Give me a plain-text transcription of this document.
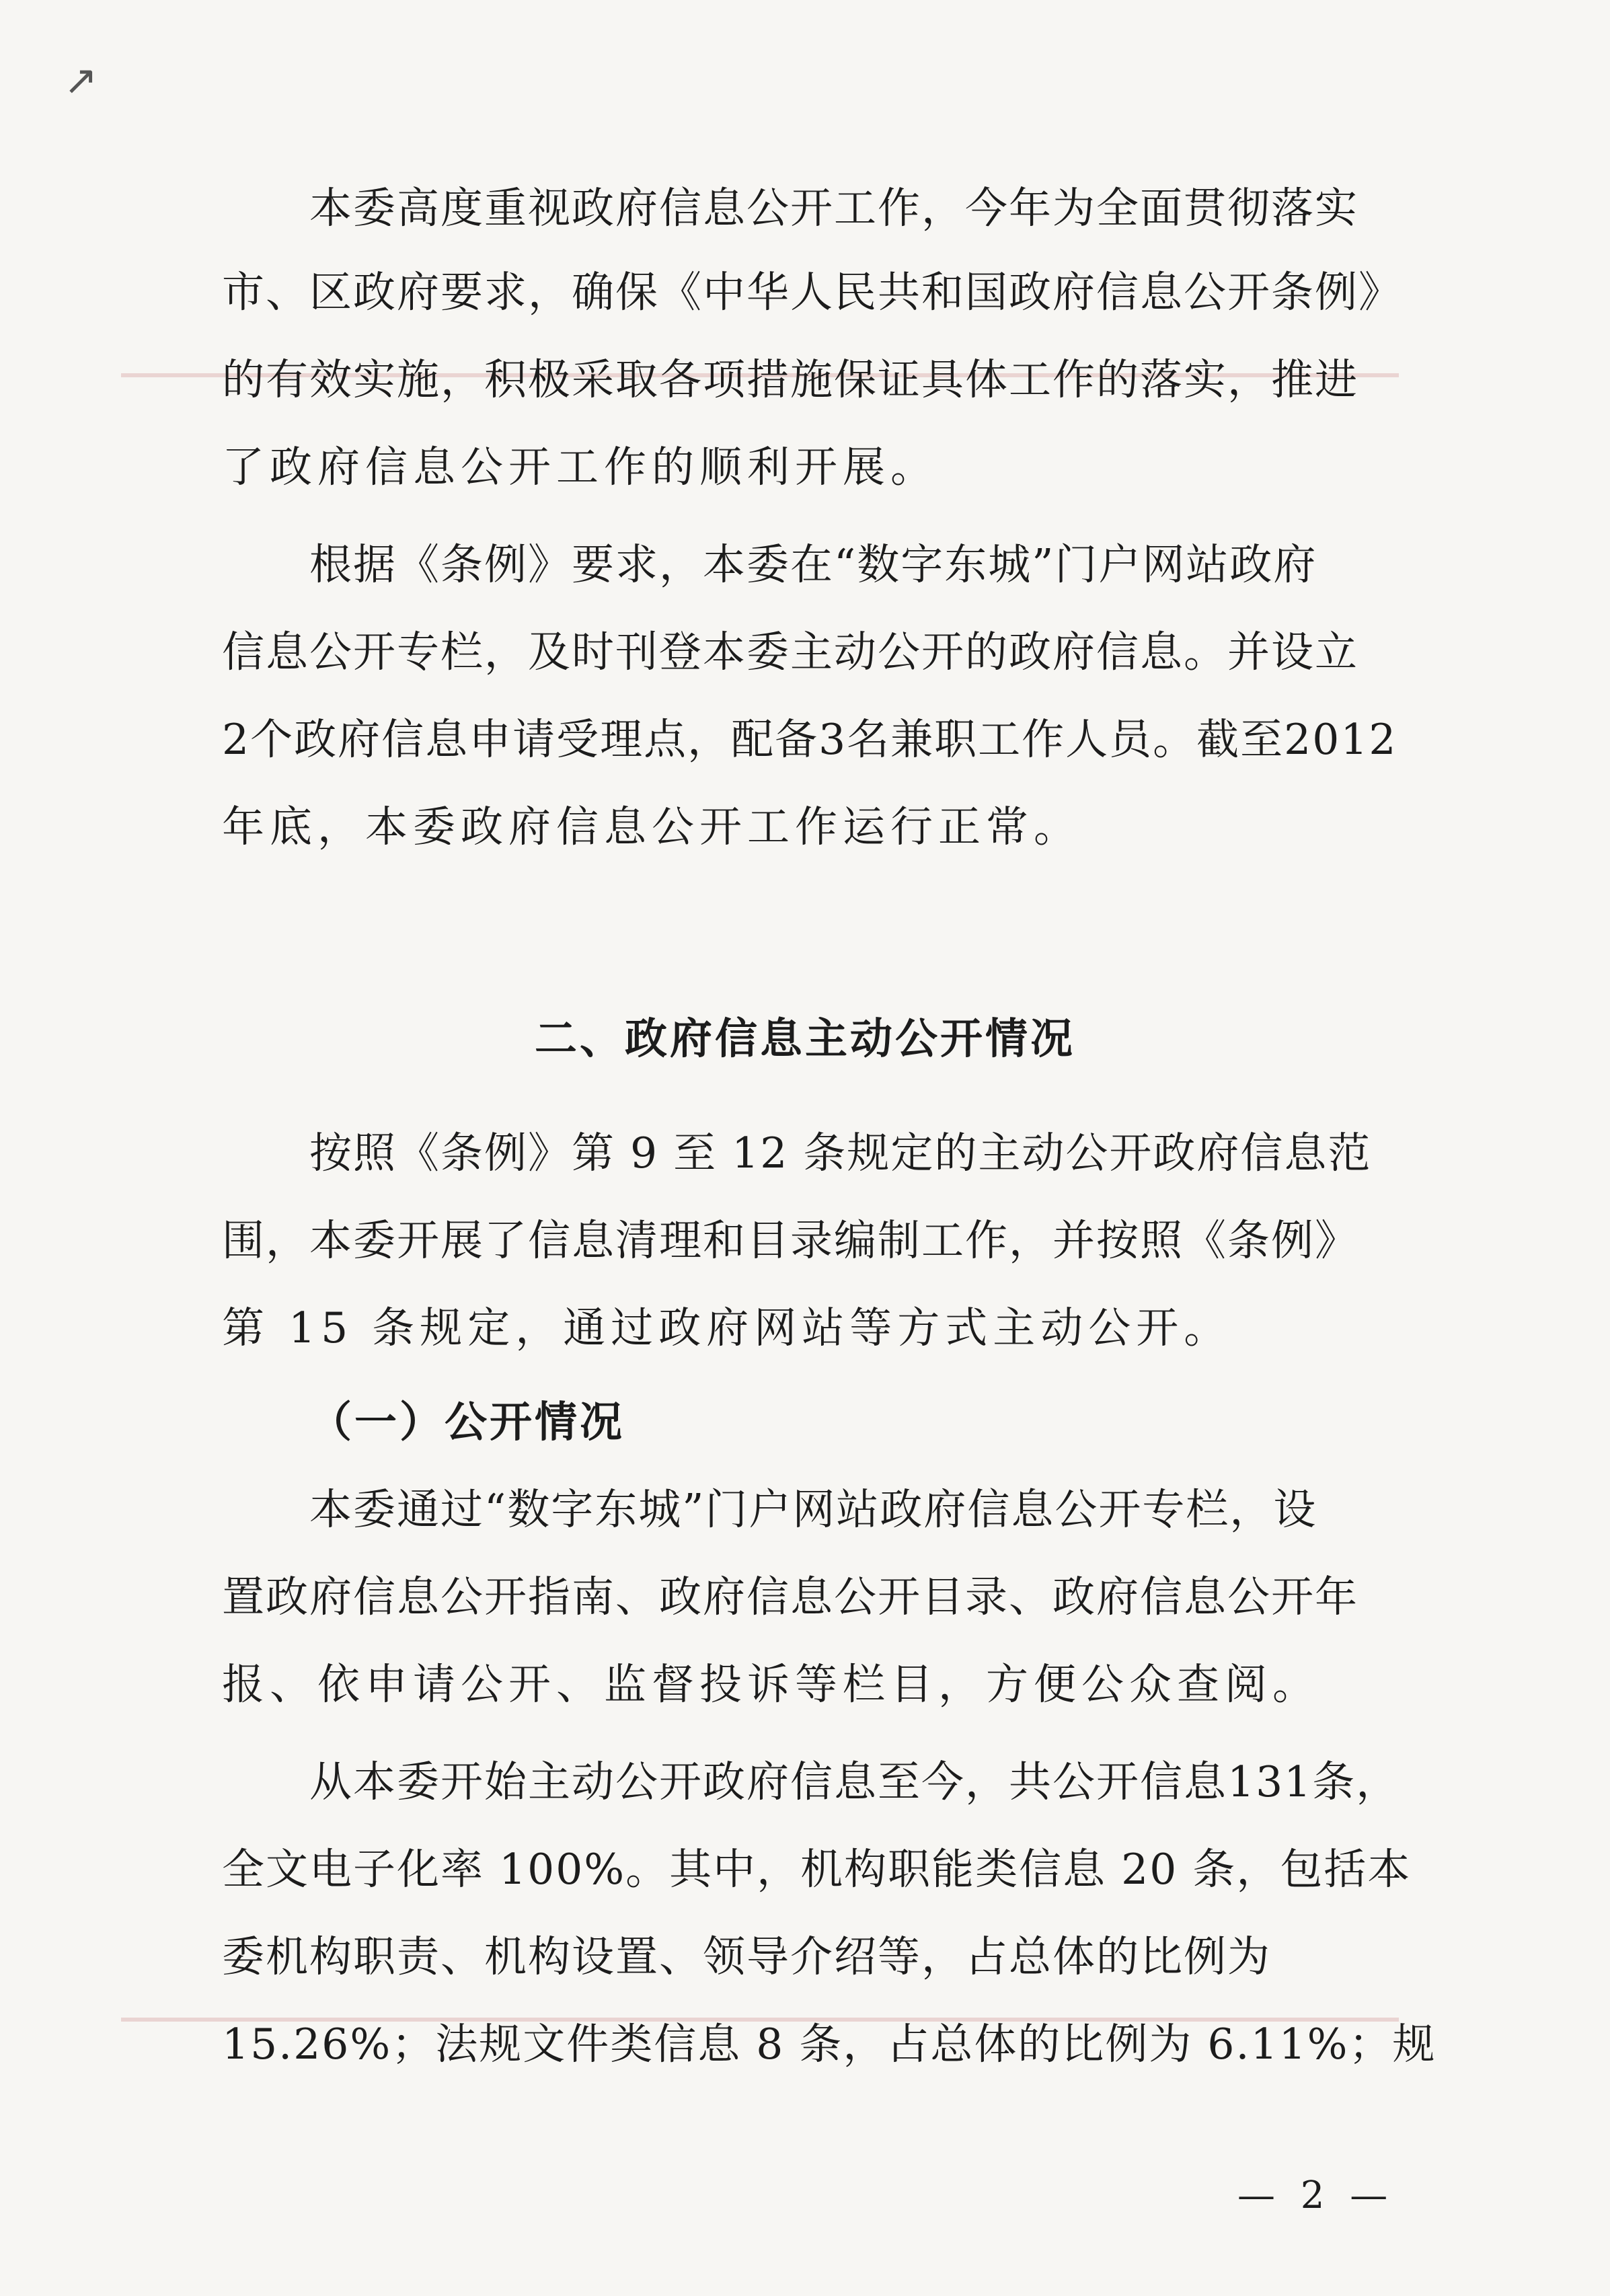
↗
本委高度重视政府信息公开工作，今年为全面贯彻落实
市、区政府要求，确保《中华人民共和国政府信息公开条例》
的有效实施，积极采取各项措施保证具体工作的落实，推进
了政府信息公开工作的顺利开展。
根据《条例》要求，本委在“数字东城”门户网站政府
信息公开专栏，及时刊登本委主动公开的政府信息。并设立
2个政府信息申请受理点，配备3名兼职工作人员。截至2012
年底，本委政府信息公开工作运行正常。
二、政府信息主动公开情况
按照《条例》第 9 至 12 条规定的主动公开政府信息范
围，本委开展了信息清理和目录编制工作，并按照《条例》
第 15 条规定，通过政府网站等方式主动公开。
（一）公开情况
本委通过“数字东城”门户网站政府信息公开专栏，设
置政府信息公开指南、政府信息公开目录、政府信息公开年
报、依申请公开、监督投诉等栏目，方便公众查阅。
从本委开始主动公开政府信息至今，共公开信息131条，
全文电子化率 100%。其中，机构职能类信息 20 条，包括本
委机构职责、机构设置、领导介绍等，占总体的比例为
15.26%；法规文件类信息 8 条，占总体的比例为 6.11%；规
— 2 —
